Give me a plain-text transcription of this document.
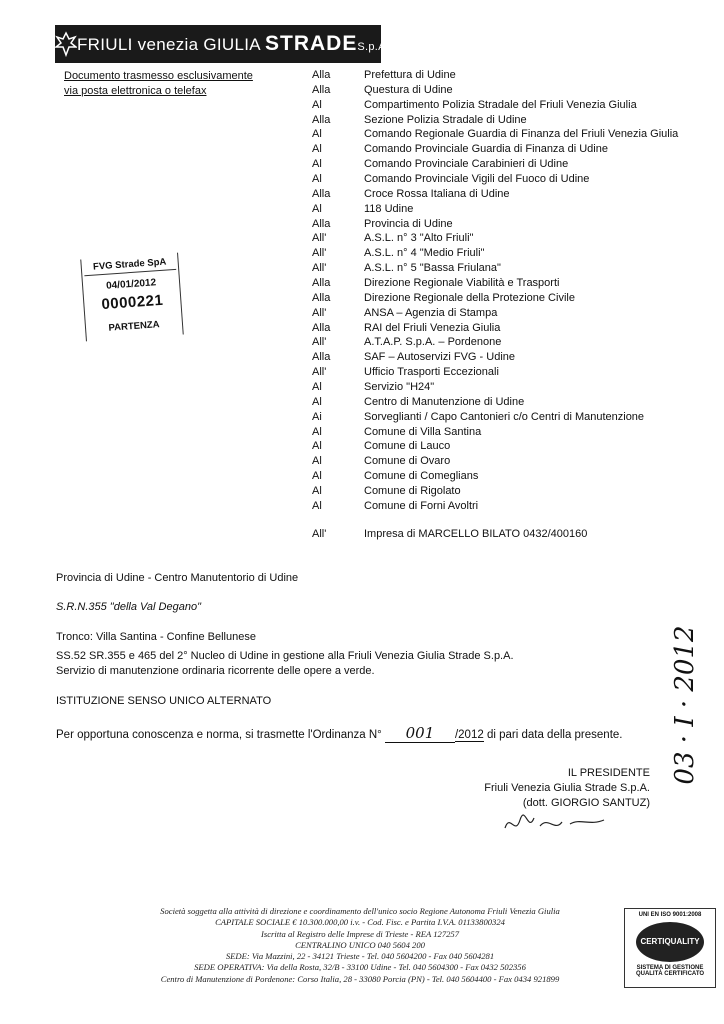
FRIULI venezia GIULIA STRADES.p.A.
Documento trasmesso esclusivamente
via posta elettronica o telefax
Alla	Prefettura di Udine
Alla	Questura di Udine
Al	Compartimento Polizia Stradale del Friuli Venezia Giulia
Alla	Sezione Polizia Stradale di Udine
Al	Comando Regionale Guardia di Finanza del Friuli Venezia Giulia
Al	Comando Provinciale Guardia di Finanza di Udine
Al	Comando Provinciale Carabinieri di Udine
Al	Comando Provinciale Vigili del Fuoco di Udine
Alla	Croce Rossa Italiana di Udine
Al	118 Udine
Alla	Provincia di Udine
All'	A.S.L. n° 3 "Alto Friuli"
All'	A.S.L. n° 4 "Medio Friuli"
All'	A.S.L. n° 5 "Bassa Friulana"
Alla	Direzione Regionale Viabilità e Trasporti
Alla	Direzione Regionale della Protezione Civile
All'	ANSA – Agenzia di Stampa
Alla	RAI del Friuli Venezia Giulia
All'	A.T.A.P. S.p.A. – Pordenone
Alla	SAF – Autoservizi FVG - Udine
All'	Ufficio Trasporti Eccezionali
Al	Servizio "H24"
Al	Centro di Manutenzione di Udine
Ai	Sorveglianti / Capo Cantonieri c/o Centri di Manutenzione
Al	Comune di Villa Santina
Al	Comune di Lauco
Al	Comune di Ovaro
Al	Comune di Comeglians
Al	Comune di Rigolato
Al	Comune di Forni Avoltri
All'	Impresa di MARCELLO BILATO 0432/400160
FVG Strade SpA
04/01/2012
0000221
PARTENZA
Provincia di Udine - Centro Manutentorio di Udine
S.R.N.355 "della Val Degano"
Tronco: Villa Santina - Confine Bellunese
SS.52 SR.355 e 465 del 2° Nucleo di Udine in gestione alla Friuli Venezia Giulia Strade S.p.A.
Servizio di manutenzione ordinaria ricorrente delle opere a verde.
ISTITUZIONE SENSO UNICO ALTERNATO
Per opportuna conoscenza e norma, si trasmette l'Ordinanza N° 001 /2012 di pari data della presente.
IL PRESIDENTE
Friuli Venezia Giulia Strade S.p.A.
(dott. GIORGIO SANTUZ)
03 · I · 2012
Società soggetta alla attività di direzione e coordinamento dell'unico socio Regione Autonoma Friuli Venezia Giulia
CAPITALE SOCIALE € 10.300.000,00 i.v. - Cod. Fisc. e Partita I.V.A. 01133800324
Iscritta al Registro delle Imprese di Trieste - REA 127257
CENTRALINO UNICO 040 5604 200
SEDE: Via Mazzini, 22 - 34121 Trieste - Tel. 040 5604200 - Fax 040 5604281
SEDE OPERATIVA: Via della Rosta, 32/B - 33100 Udine - Tel. 040 5604300 - Fax 0432 502356
Centro di Manutenzione di Pordenone: Corso Italia, 28 - 33080 Porcia (PN) - Tel. 040 5604400 - Fax 0434 921899
UNI EN ISO 9001:2008
CERTIQUALITY
SISTEMA DI GESTIONE
QUALITÀ CERTIFICATO
